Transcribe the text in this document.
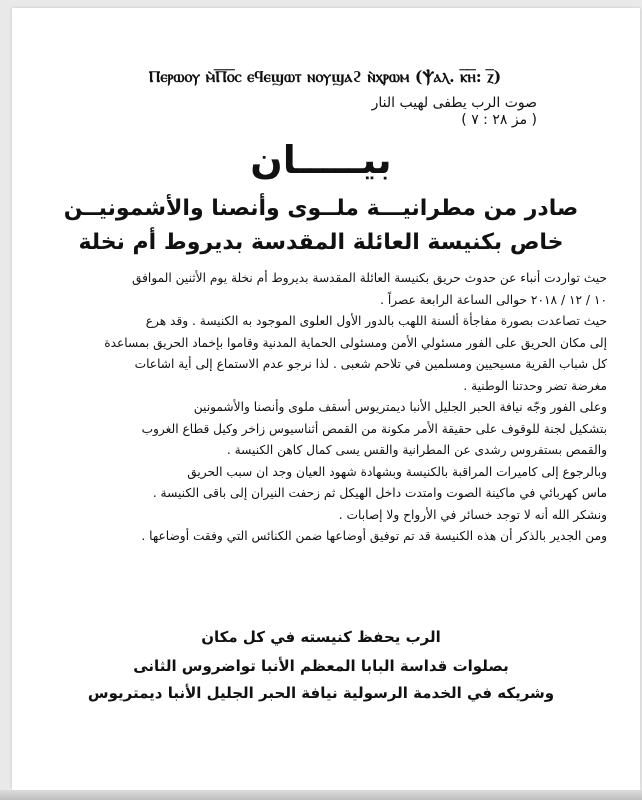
Ⲡⲉⲣⲱⲟⲩ ⲙ̀Ⲡ̅ⲟ̅ⲥ ⲉϥⲉϣⲱⲧ ⲛⲟⲩϣⲁϩ ⲛ̀ⲭⲣⲱⲙ (Ⲯⲁⲗ. ⲕ̅ⲏ̅: ⲍ̅)
صوت الرب يطفى لهيب النار
( مز ٢٨ : ٧ )
بيـــــان
صادر من مطرانيـــة ملــوى وأنصنا والأشمونيــن
خاص بكنيسة العائلة المقدسة بديروط أم نخلة

حيث تواردت أنباء عن حدوث حريق بكنيسة العائلة المقدسة بديروط أم نخلة يوم الأثنين الموافق

١٠ / ١٢ / ٢٠١٨ حوالى الساعة الرابعة عصراً .

حيث تصاعدت بصورة مفاجأة ألسنة اللهب بالدور الأول العلوى الموجود به الكنيسة . وقد هرع

إلى مكان الحريق على الفور مسئولي الأمن ومسئولى الحماية المدنية وقاموا بإخماد الحريق بمساعدة

كل شباب القرية مسيحيين ومسلمين في تلاحم شعبى . لذا نرجو عدم الاستماع إلى أية اشاعات

مغرضة تضر وحدتنا الوطنية .

وعلى الفور وجّه نيافة الحبر الجليل الأنبا ديمتريوس أسقف ملوى وأنصنا والأشمونين

بتشكيل لجنة للوقوف على حقيقة الأمر مكونة من القمص أثناسيوس زاخر وكيل قطاع الغروب

والقمص بستفروس رشدى عن المطرانية والقس يسى كمال كاهن الكنيسة .

وبالرجوع إلى كاميرات المراقبة بالكنيسة وبشهادة شهود العيان وجد ان سبب الحريق

ماس كهربائي في ماكينة الصوت وامتدت داخل الهيكل ثم زحفت النيران إلى باقى الكنيسة .

ونشكر الله أنه لا توجد خسائر في الأرواح ولا إصابات .

ومن الجدير بالذكر أن هذه الكنيسة قد تم توفيق أوضاعها ضمن الكنائس التي وفقت أوضاعها .

الرب يحفظ كنيسته في كل مكان
بصلوات قداسة البابا المعظم الأنبا تواضروس الثانى
وشريكه في الخدمة الرسولية نيافة الحبر الجليل الأنبا ديمتريوس
